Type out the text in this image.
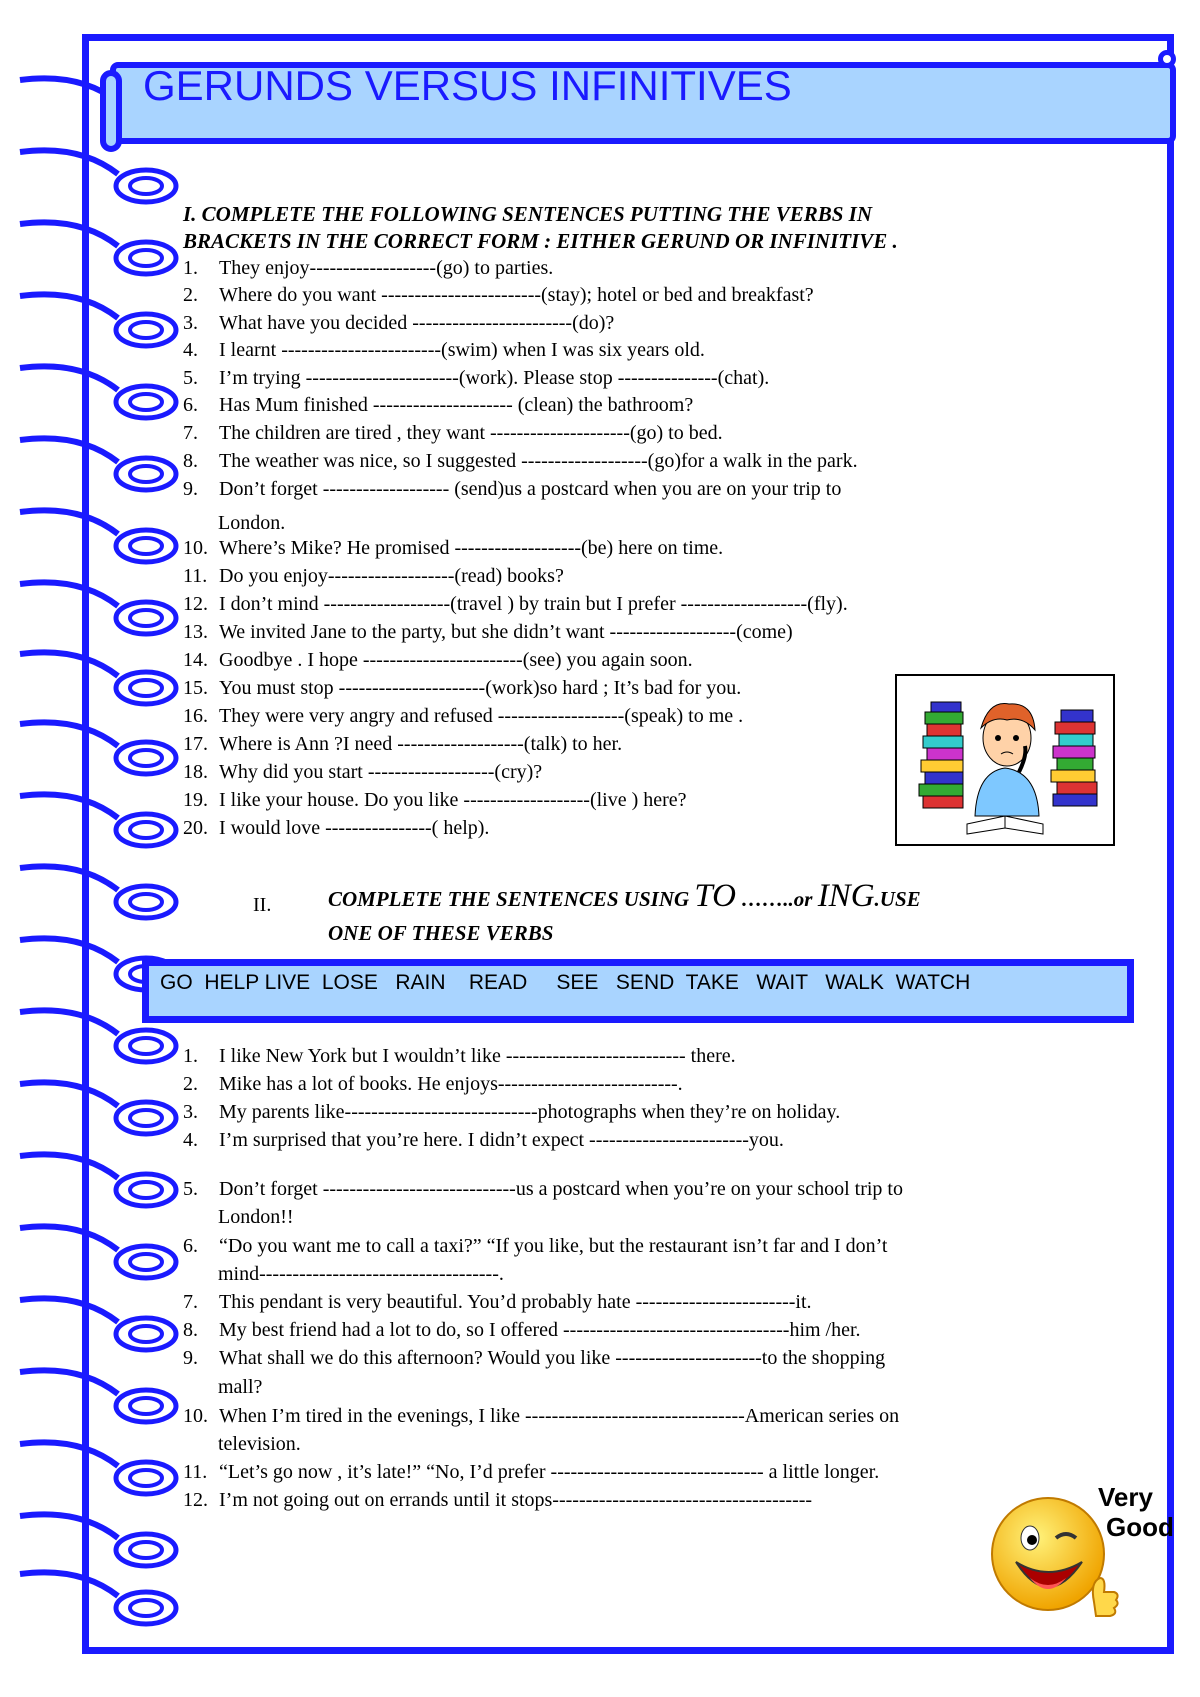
GERUNDS VERSUS INFINITIVES
I. COMPLETE THE FOLLOWING SENTENCES PUTTING THE VERBS IN
BRACKETS IN THE CORRECT FORM : EITHER GERUND OR INFINITIVE .
1. They enjoy-------------------(go) to parties.
2. Where do you want ------------------------(stay); hotel or bed and breakfast?
3. What have you decided ------------------------(do)?
4. I learnt ------------------------(swim) when I was six years old.
5. I’m trying -----------------------(work). Please stop ---------------(chat).
6. Has Mum finished --------------------- (clean) the bathroom?
7. The children are tired , they want ---------------------(go) to bed.
8. The weather was nice, so I suggested -------------------(go)for a walk in the park.
9. Don’t forget ------------------- (send)us a postcard when you are on your trip to
10. Where’s Mike? He promised -------------------(be) here on time.
11. Do you enjoy-------------------(read) books?
12. I don’t mind -------------------(travel ) by train but I prefer -------------------(fly).
13. We invited Jane to the party, but she didn’t want -------------------(come)
14. Goodbye . I hope ------------------------(see) you again soon.
15. You must stop ----------------------(work)so hard ; It’s bad for you.
16. They were very angry and refused -------------------(speak) to me .
17. Where is Ann ?I need -------------------(talk) to her.
18. Why did you start -------------------(cry)?
19. I like your house. Do you like -------------------(live ) here?
20. I would love ----------------( help).
London.
II.	COMPLETE THE SENTENCES USING TO ……..or ING.USE
ONE OF THESE VERBS
GO  HELP LIVE  LOSE   RAIN    READ     SEE   SEND  TAKE   WAIT   WALK  WATCH
1. I like New York but I wouldn’t like --------------------------- there.
2. Mike has a lot of books. He enjoys---------------------------.
3. My parents like-----------------------------photographs when they’re on holiday.
4. I’m surprised that you’re here. I didn’t expect ------------------------you.
5. Don’t forget -----------------------------us a postcard when you’re on your school trip to
6. “Do you want me to call a taxi?” “If you like, but the restaurant isn’t far and I don’t
7. This pendant is very beautiful. You’d probably hate ------------------------it.
8. My best friend had a lot to do, so I offered ----------------------------------him /her.
9. What shall we do this afternoon? Would you like ----------------------to the shopping
10. When I’m tired in the evenings, I like ---------------------------------American series on
11. “Let’s go now , it’s late!” “No, I’d prefer -------------------------------- a little longer.
12. I’m not going out on errands until it stops---------------------------------------
London!!
mind------------------------------------.
mall?
television.
Very
Good
